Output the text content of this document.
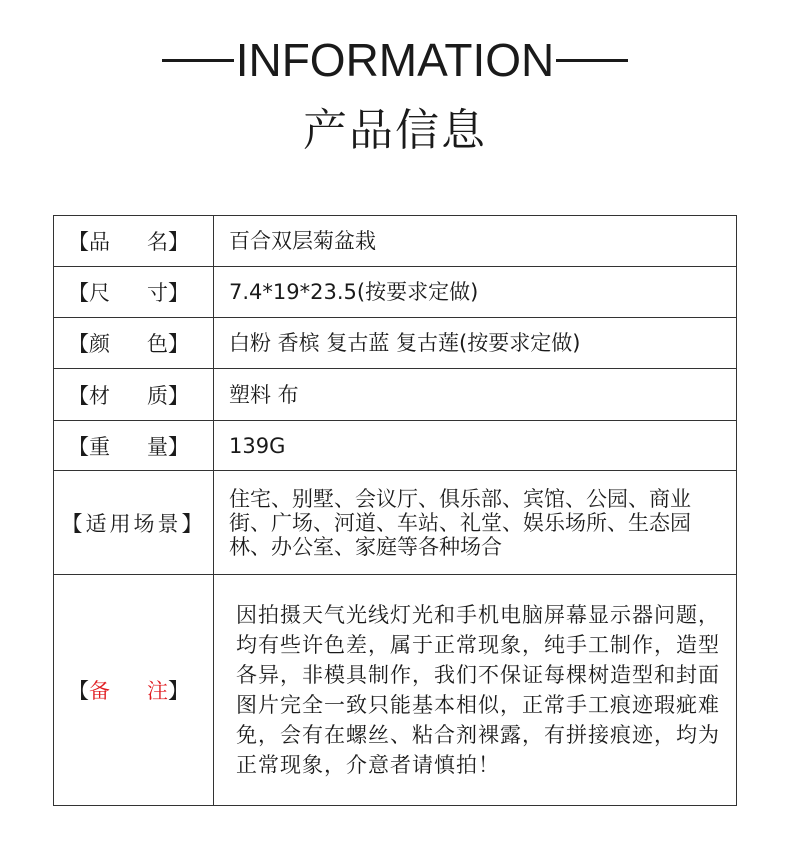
INFORMATION
产品信息
【品 名】	百合双层菊盆栽

【尺 寸】	7.4*19*23.5(按要求定做)

【颜 色】	白粉 香槟 复古蓝 复古莲(按要求定做)

【材 质】	塑料 布

【重 量】	139G

【适用场景】	住宅、别墅、会议厅、俱乐部、宾馆、公园、商业街、广场、河道、车站、礼堂、娱乐场所、生态园林、办公室、家庭等各种场合

【备 注】	因拍摄天气光线灯光和手机电脑屏幕显示器问题，均有些许色差，属于正常现象，纯手工制作，造型各异，非模具制作，我们不保证每棵树造型和封面图片完全一致只能基本相似，正常手工痕迹瑕疵难免，会有在螺丝、粘合剂裸露，有拼接痕迹，均为正常现象，介意者请慎拍！
